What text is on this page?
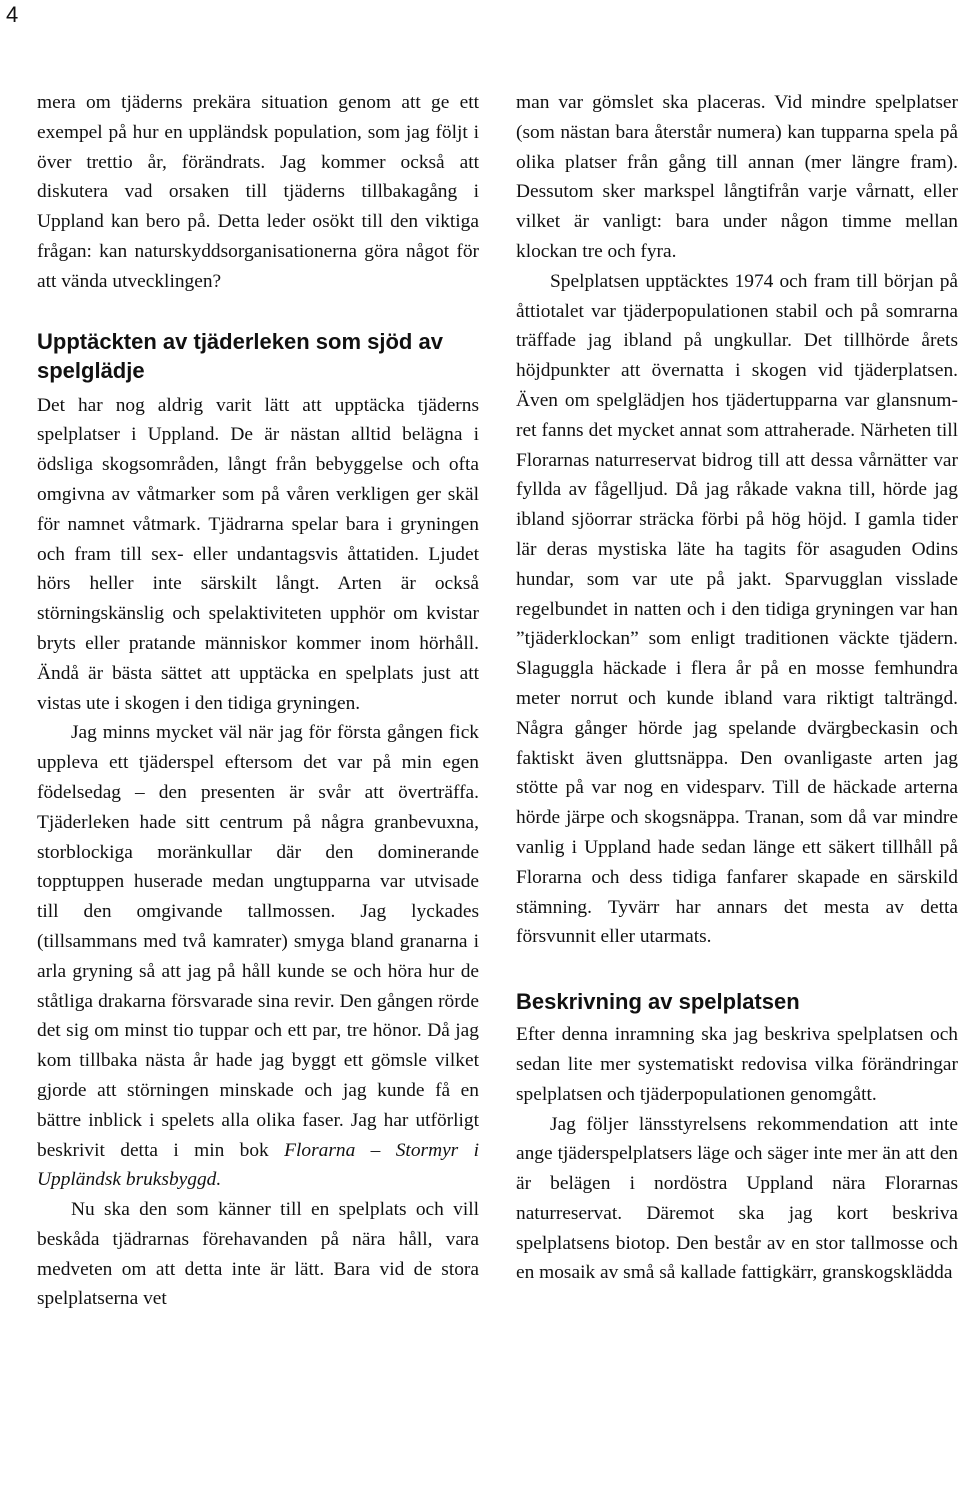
4

mera om tjäderns prekära situation genom att ge ett exempel på hur en uppländsk population, som jag följt i över trettio år, förändrats. Jag kommer också att diskutera vad orsaken till tjäderns tillbakagång i Uppland kan bero på. Detta leder osökt till den viktiga frågan: kan naturskyddsorganisationerna göra något för att vända utvecklingen?

Upptäckten av tjäderleken som sjöd av spelglädje

Det har nog aldrig varit lätt att upptäcka tjäderns spelplatser i Uppland. De är nästan alltid belägna i ödsliga skogsområden, långt från bebyggelse och ofta omgivna av våtmarker som på våren verkligen ger skäl för namnet våtmark. Tjädrarna spelar bara i gryningen och fram till sex- eller undantagsvis åttatiden. Ljudet hörs heller inte särskilt långt. Arten är också störningskänslig och spelaktiviteten upphör om kvistar bryts eller pratande människor kommer inom hörhåll. Ändå är bästa sättet att upptäcka en spelplats just att vistas ute i skogen i den tidiga gryningen.

Jag minns mycket väl när jag för första gången fick uppleva ett tjäderspel eftersom det var på min egen födelsedag – den presenten är svår att överträffa. Tjäderleken hade sitt centrum på några granbevuxna, storblockiga moränkullar där den dominerande topptuppen huserade medan ungtupparna var utvisade till den omgivande tallmossen. Jag lyckades (tillsammans med två kamrater) smyga bland granarna i arla gryning så att jag på håll kunde se och höra hur de ståtliga drakarna försvarade sina revir. Den gången rörde det sig om minst tio tuppar och ett par, tre hönor. Då jag kom tillbaka nästa år hade jag byggt ett gömsle vilket gjorde att störningen minskade och jag kunde få en bättre inblick i spelets alla olika faser. Jag har utförligt beskrivit detta i min bok Florarna – Stormyr i Uppländsk bruksbyggd.

Nu ska den som känner till en spelplats och vill beskåda tjädrarnas förehavanden på nära håll, vara medveten om att detta inte är lätt. Bara vid de stora spelplatserna vet

man var gömslet ska placeras. Vid mindre spelplatser (som nästan bara återstår numera) kan tupparna spela på olika platser från gång till annan (mer längre fram). Dessutom sker markspel långtifrån varje vårnatt, eller vilket är vanligt: bara under någon timme mellan klockan tre och fyra.

Spelplatsen upptäcktes 1974 och fram till början på åttiotalet var tjäderpopulationen stabil och på somrarna träffade jag ibland på ungkullar. Det tillhörde årets höjdpunkter att övernatta i skogen vid tjäderplatsen. Även om spelglädjen hos tjädertupparna var glansnumret fanns det mycket annat som attraherade. Närheten till Florarnas naturreservat bidrog till att dessa vårnätter var fyllda av fågelljud. Då jag råkade vakna till, hörde jag ibland sjöorrar sträcka förbi på hög höjd. I gamla tider lär deras mystiska läte ha tagits för asaguden Odins hundar, som var ute på jakt. Sparvugglan visslade regelbundet in natten och i den tidiga gryningen var han ”tjäderklockan” som enligt traditionen väckte tjädern. Slaguggla häckade i flera år på en mosse femhundra meter norrut och kunde ibland vara riktigt talträngd. Några gånger hörde jag spelande dvärgbeckasin och faktiskt även gluttsnäppa. Den ovanligaste arten jag stötte på var nog en videsparv. Till de häckade arterna hörde järpe och skogsnäppa. Tranan, som då var mindre vanlig i Uppland hade sedan länge ett säkert tillhåll på Florarna och dess tidiga fanfarer skapade en särskild stämning. Tyvärr har annars det mesta av detta försvunnit eller utarmats.

Beskrivning av spelplatsen

Efter denna inramning ska jag beskriva spelplatsen och sedan lite mer systematiskt redovisa vilka förändringar spelplatsen och tjäderpopulationen genomgått.

Jag följer länsstyrelsens rekommendation att inte ange tjäderspelplatsers läge och säger inte mer än att den är belägen i nordöstra Uppland nära Florarnas naturreservat. Däremot ska jag kort beskriva spelplatsens biotop. Den består av en stor tallmosse och en mosaik av små så kallade fattigkärr, granskogsklädda
